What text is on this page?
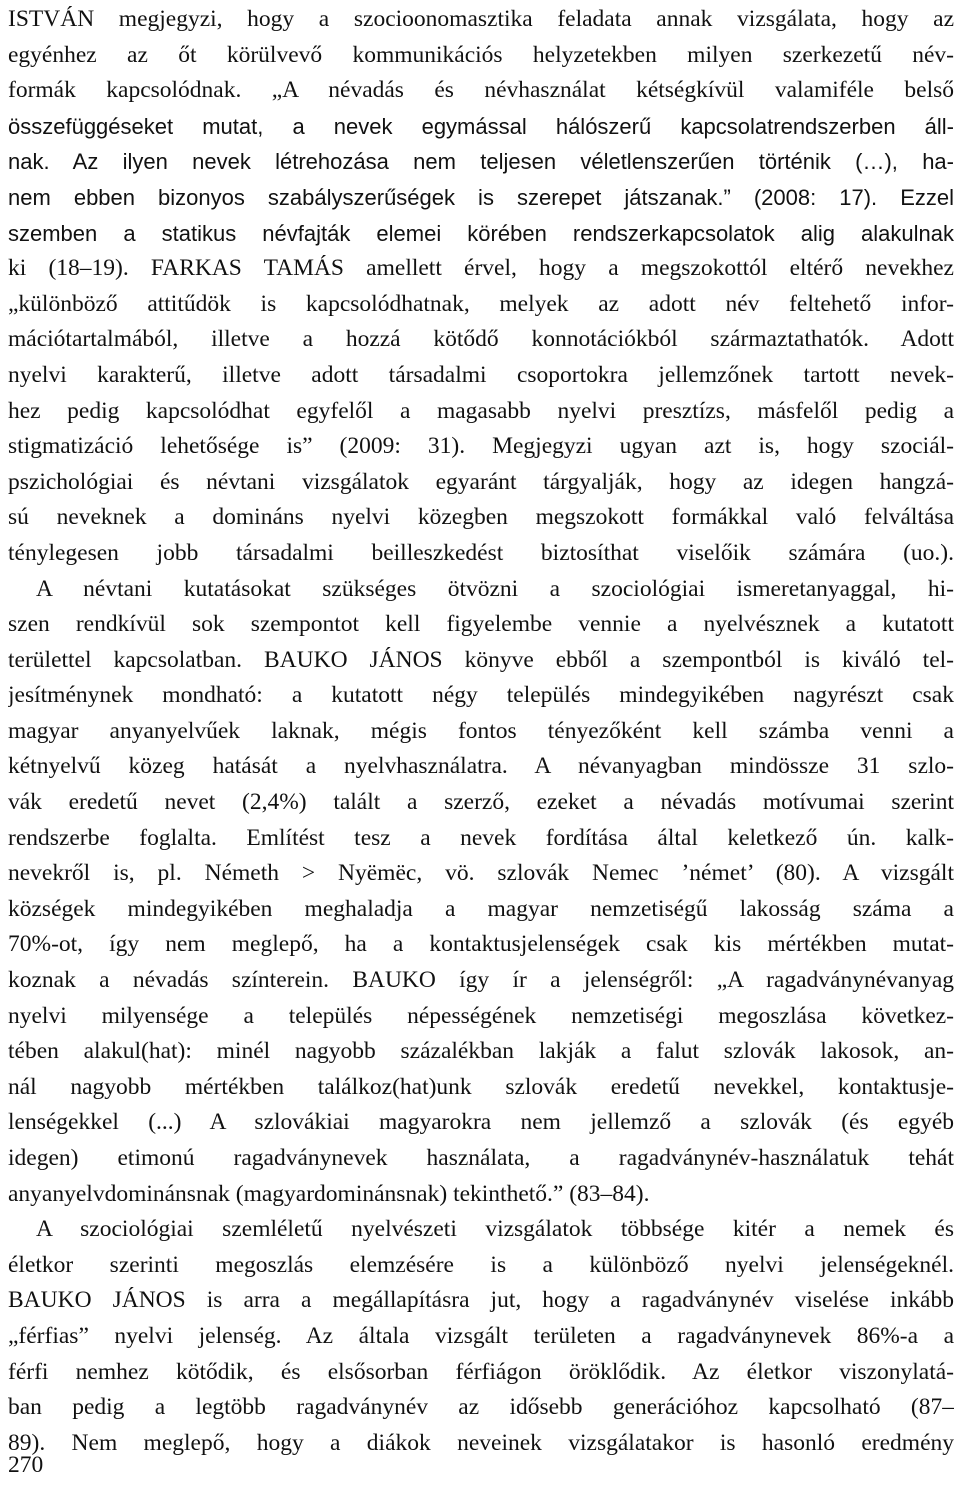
ISTVÁN megjegyzi, hogy a szocioonomasztika feladata annak vizsgálata, hogy az
egyénhez az őt körülvevő kommunikációs helyzetekben milyen szerkezetű név-
formák kapcsolódnak. „A névadás és névhasználat kétségkívül valamiféle belső
összefüggéseket mutat, a nevek egymással hálószerű kapcsolatrendszerben áll-
nak. Az ilyen nevek létrehozása nem teljesen véletlenszerűen történik (…), ha-
nem ebben bizonyos szabályszerűségek is szerepet játszanak.” (2008: 17). Ezzel
szemben a statikus névfajták elemei körében rendszerkapcsolatok alig alakulnak
ki (18–19). FARKAS TAMÁS amellett érvel, hogy a megszokottól eltérő nevekhez
„különböző attitűdök is kapcsolódhatnak, melyek az adott név feltehető infor-
mációtartalmából, illetve a hozzá kötődő konnotációkból származtathatók. Adott
nyelvi karakterű, illetve adott társadalmi csoportokra jellemzőnek tartott nevek-
hez pedig kapcsolódhat egyfelől a magasabb nyelvi presztízs, másfelől pedig a
stigmatizáció lehetősége is” (2009: 31). Megjegyzi ugyan azt is, hogy szociál-
pszichológiai és névtani vizsgálatok egyaránt tárgyalják, hogy az idegen hangzá-
sú neveknek a domináns nyelvi közegben megszokott formákkal való felváltása
ténylegesen jobb társadalmi beilleszkedést biztosíthat viselőik számára (uo.).
A névtani kutatásokat szükséges ötvözni a szociológiai ismeretanyaggal, hi-
szen rendkívül sok szempontot kell figyelembe vennie a nyelvésznek a kutatott
területtel kapcsolatban. BAUKO JÁNOS könyve ebből a szempontból is kiváló tel-
jesítménynek mondható: a kutatott négy település mindegyikében nagyrészt csak
magyar anyanyelvűek laknak, mégis fontos tényezőként kell számba venni a
kétnyelvű közeg hatását a nyelvhasználatra. A névanyagban mindössze 31 szlo-
vák eredetű nevet (2,4%) talált a szerző, ezeket a névadás motívumai szerint
rendszerbe foglalta. Említést tesz a nevek fordítása által keletkező ún. kalk-
nevekről is, pl. Németh > Nyëmëc, vö. szlovák Nemec ’német’ (80). A vizsgált
községek mindegyikében meghaladja a magyar nemzetiségű lakosság száma a
70%-ot, így nem meglepő, ha a kontaktusjelenségek csak kis mértékben mutat-
koznak a névadás színterein. BAUKO így ír a jelenségről: „A ragadványnévanyag
nyelvi milyensége a település népességének nemzetiségi megoszlása következ-
tében alakul(hat): minél nagyobb százalékban lakják a falut szlovák lakosok, an-
nál nagyobb mértékben találkoz(hat)unk szlovák eredetű nevekkel, kontaktusje-
lenségekkel (...) A szlovákiai magyarokra nem jellemző a szlovák (és egyéb
idegen) etimonú ragadványnevek használata, a ragadványnév-használatuk tehát
anyanyelvdominánsnak (magyardominánsnak) tekinthető.” (83–84).
A szociológiai szemléletű nyelvészeti vizsgálatok többsége kitér a nemek és
életkor szerinti megoszlás elemzésére is a különböző nyelvi jelenségeknél.
BAUKO JÁNOS is arra a megállapításra jut, hogy a ragadványnév viselése inkább
„férfias” nyelvi jelenség. Az általa vizsgált területen a ragadványnevek 86%-a a
férfi nemhez kötődik, és elsősorban férfiágon öröklődik. Az életkor viszonylatá-
ban pedig a legtöbb ragadványnév az idősebb generációhoz kapcsolható (87–
89). Nem meglepő, hogy a diákok neveinek vizsgálatakor is hasonló eredmény
270
